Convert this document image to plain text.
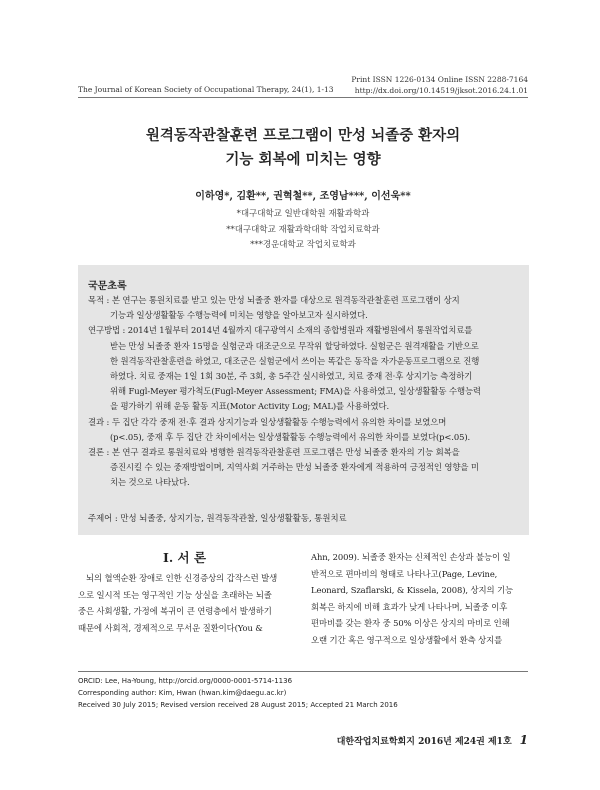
The Journal of Korean Society of Occupational Therapy, 24(1), 1-13
Print ISSN 1226-0134 Online ISSN 2288-7164
http://dx.doi.org/10.14519/jksot.2016.24.1.01
원격동작관찰훈련 프로그램이 만성 뇌졸중 환자의
기능 회복에 미치는 영향
이하영*, 김환**, 권혁철**, 조영남***, 이선욱**
*대구대학교 일반대학원 재활과학과
**대구대학교 재활과학대학 작업치료학과
***경운대학교 작업치료학과
국문초록

목적 : 본 연구는 통원치료를 받고 있는 만성 뇌졸중 환자를 대상으로 원격동작관찰훈련 프로그램이 상지
기능과 일상생활활동 수행능력에 미치는 영향을 알아보고자 실시하였다.

연구방법 : 2014년 1월부터 2014년 4월까지 대구광역시 소재의 종합병원과 재활병원에서 통원작업치료를
받는 만성 뇌졸중 환자 15명을 실험군과 대조군으로 무작위 할당하였다. 실험군은 원격재활을 기반으로
한 원격동작관찰훈련을 하였고, 대조군은 실험군에서 쓰이는 똑같은 동작을 자가운동프로그램으로 진행
하였다. 치료 중재는 1일 1회 30분, 주 3회, 총 5주간 실시하였고, 치료 중재 전·후 상지기능 측정하기
위해 Fugl-Meyer 평가척도(Fugl-Meyer Assessment; FMA)을 사용하였고, 일상생활활동 수행능력
을 평가하기 위해 운동 활동 지표(Motor Activity Log; MAL)를 사용하였다.

결과 : 두 집단 각각 중재 전·후 결과 상지기능과 일상생활활동 수행능력에서 유의한 차이를 보였으며
(p<.05), 중재 후 두 집단 간 차이에서는 일상생활활동 수행능력에서 유의한 차이를 보였다(p<.05).

결론 : 본 연구 결과로 통원치료와 병행한 원격동작관찰훈련 프로그램은 만성 뇌졸중 환자의 기능 회복을
증진시킬 수 있는 중재방법이며, 지역사회 거주하는 만성 뇌졸중 환자에게 적용하여 긍정적인 영향을 미
치는 것으로 나타났다.

주제어 : 만성 뇌졸중, 상지기능, 원격동작관찰, 일상생활활동, 통원치료
Ⅰ. 서 론

뇌의 혈액순환 장애로 인한 신경증상의 갑작스런 발생

으로 일시적 또는 영구적인 기능 상실을 초래하는 뇌졸

중은 사회생활, 가정에 복귀이 큰 연령층에서 발생하기

때문에 사회적, 경제적으로 무서운 질환이다(You &

Ahn, 2009). 뇌졸중 환자는 신체적인 손상과 불능이 일

반적으로 편마비의 형태로 나타나고(Page, Levine,

Leonard, Szaflarski, & Kissela, 2008), 상지의 기능

회복은 하지에 비해 효과가 낮게 나타나며, 뇌졸중 이후

편마비를 갖는 환자 중 50% 이상은 상지의 마비로 인해

오랜 기간 혹은 영구적으로 일상생활에서 환측 상지를

ORCID: Lee, Ha-Young, http://orcid.org/0000-0001-5714-1136
Corresponding author: Kim, Hwan (hwan.kim@daegu.ac.kr)
Received 30 July 2015; Revised version received 28 August 2015; Accepted 21 March 2016
대한작업치료학회지 2016년 제24권 제1호 1
